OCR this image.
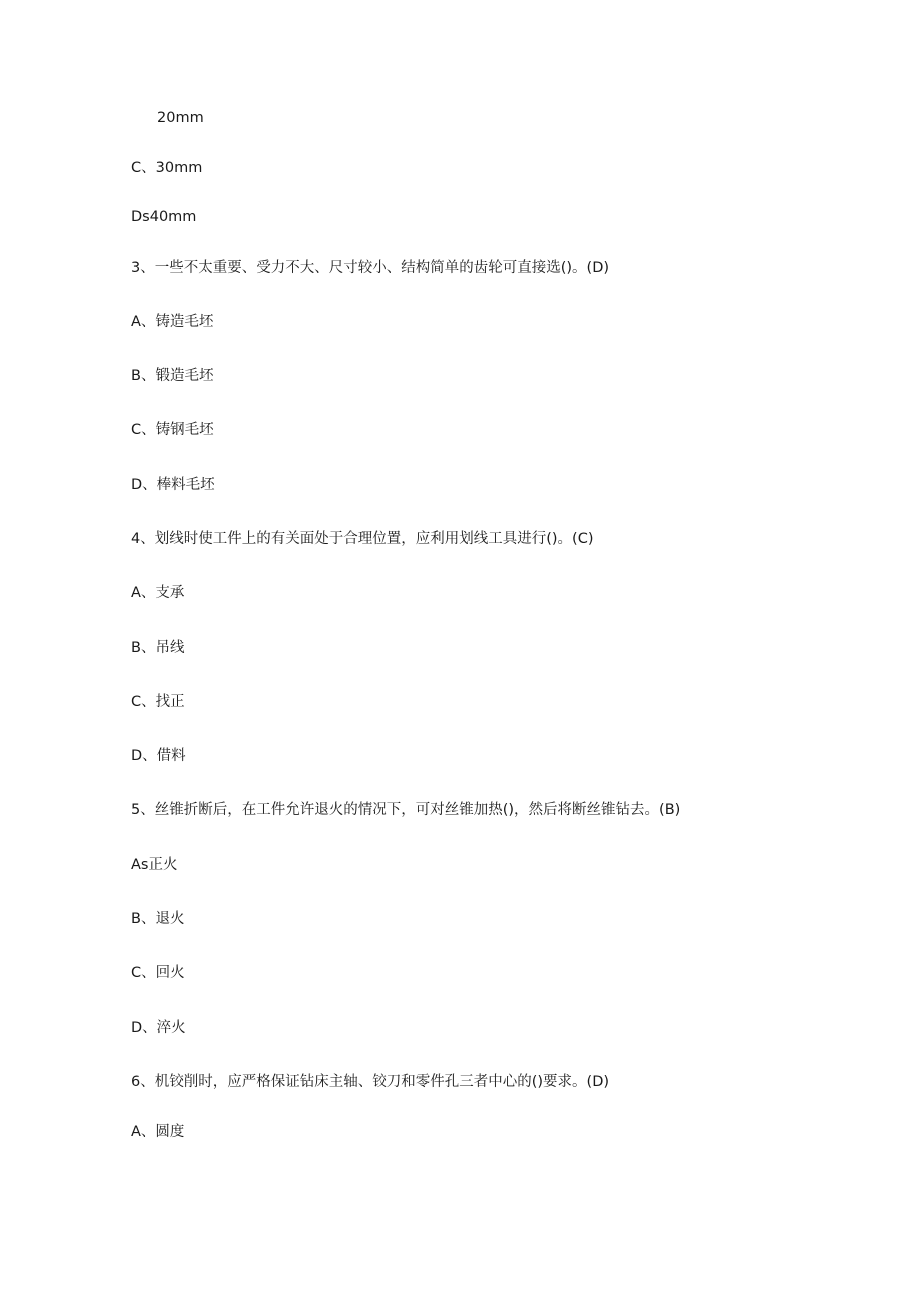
20mm
C、30mm
Ds40mm
3、一些不太重要、受力不大、尺寸较小、结构简单的齿轮可直接选()。(D)
A、铸造毛坯
B、锻造毛坯
C、铸钢毛坯
D、棒料毛坯
4、划线时使工件上的有关面处于合理位置，应利用划线工具进行()。(C)
A、支承
B、吊线
C、找正
D、借料
5、丝锥折断后，在工件允许退火的情况下，可对丝锥加热()，然后将断丝锥钻去。(B)
As正火
B、退火
C、回火
D、淬火
6、机铰削时，应严格保证钻床主轴、铰刀和零件孔三者中心的()要求。(D)
A、圆度
